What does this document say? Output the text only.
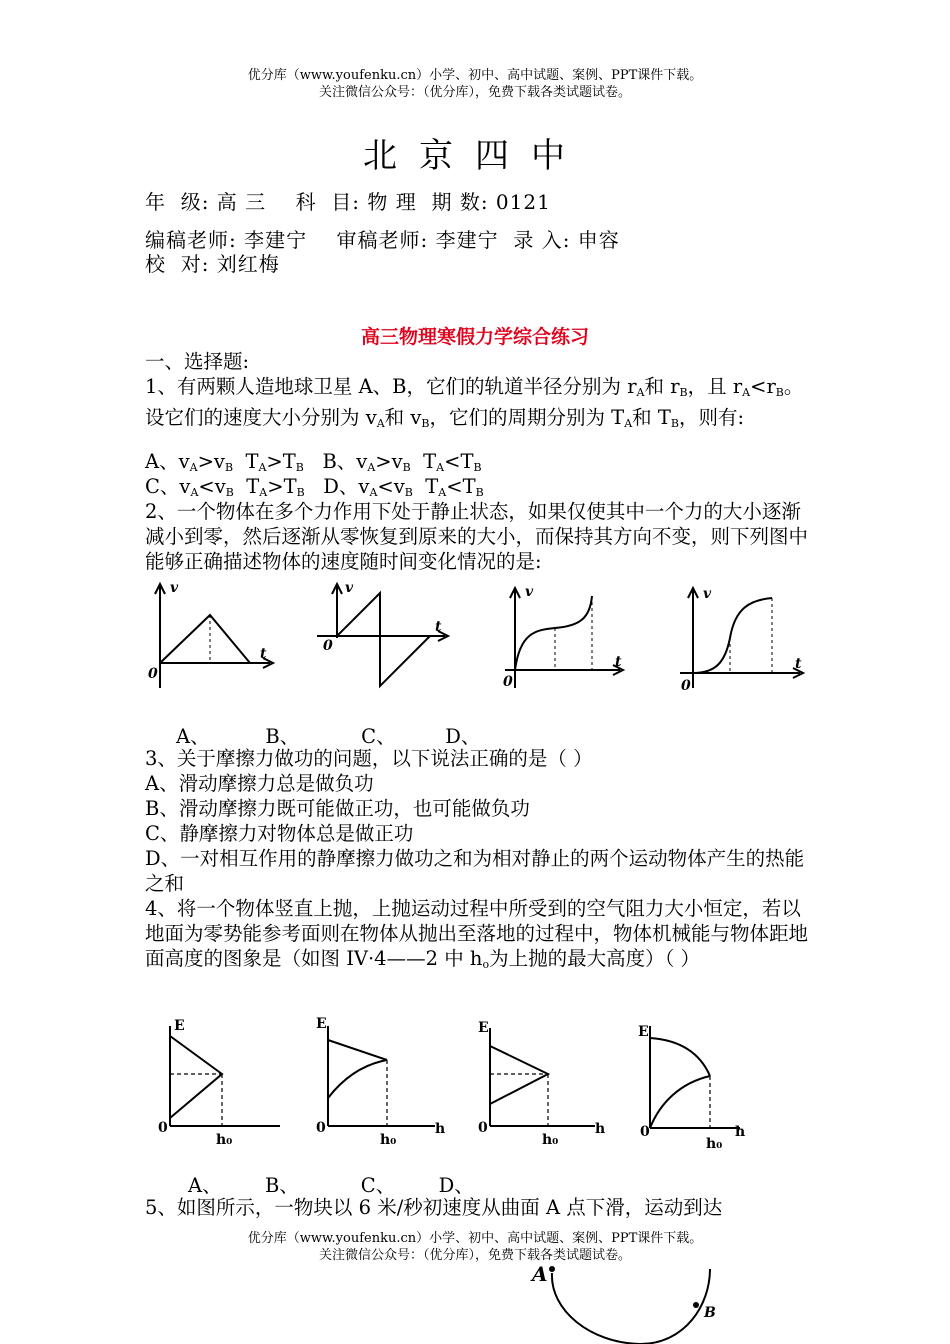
优分库（www.youfenku.cn）小学、初中、高中试题、案例、PPT课件下载。
关注微信公众号：（优分库），免费下载各类试题试卷。
北京四中
年  级: 高 三    科  目: 物 理  期 数: 0121
编稿老师: 李建宁    审稿老师: 李建宁  录 入: 申容
校  对: 刘红梅
高三物理寒假力学综合练习
一、选择题:
1、有两颗人造地球卫星 A、B，它们的轨道半径分别为 $r_A$和 $r_B$，且 $r_A<r_B$。设它们的速度大小分别为 $v_A$和 $v_B$，它们的周期分别为 $T_A$和 $T_B$，则有:
A、$v_A>v_B$ $T_A>T_B$ B、$v_A>v_B$ $T_A<T_B$
C、$v_A<v_B$ $T_A>T_B$ D、$v_A<v_B$ $T_A<T_B$
2、一个物体在多个力作用下处于静止状态，如果仅使其中一个力的大小逐渐减小到零，然后逐渐从零恢复到原来的大小，而保持其方向不变，则下列图中能够正确描述物体的速度随时间变化情况的是:
v
t
0
v
t
0
v
t
0
v
t
0
A、         B、          C、        D、
3、关于摩擦力做功的问题，以下说法正确的是（ ）
A、滑动摩擦力总是做负功
B、滑动摩擦力既可能做正功，也可能做负功
C、静摩擦力对物体总是做正功
D、一对相互作用的静摩擦力做功之和为相对静止的两个运动物体产生的热能之和
4、将一个物体竖直上抛，上抛运动过程中所受到的空气阻力大小恒定，若以地面为零势能参考面则在物体从抛出至落地的过程中，物体机械能与物体距地面高度的图象是（如图 IV·4——2 中 $h_o$为上抛的最大高度）（ ）
E
0
h₀
E
0
h₀
h
E
0
h₀
h
E
0
h₀
h
A、       B、          C、       D、
5、如图所示，一物块以 6 米/秒初速度从曲面 A 点下滑，运动到达
优分库（www.youfenku.cn）小学、初中、高中试题、案例、PPT课件下载。
关注微信公众号：（优分库），免费下载各类试题试卷。
A
B
